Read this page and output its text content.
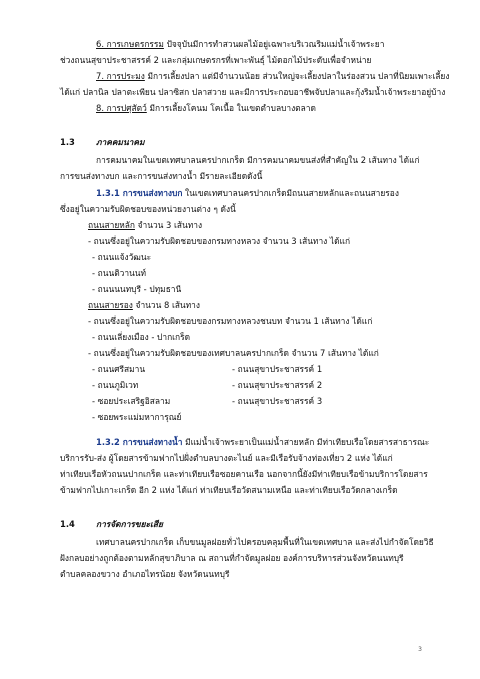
6. การเกษตรกรรม ปัจจุบันมีการทำสวนผลไม้อยู่เฉพาะบริเวณริมแม่น้ำเจ้าพระยา
ช่วงถนนสุขาประชาสรรค์ 2 และกลุ่มเกษตรกรที่เพาะพันธุ์ ไม้ดอกไม้ประดับเพื่อจำหน่าย
7. การประมง มีการเลี้ยงปลา แต่มีจำนวนน้อย ส่วนใหญ่จะเลี้ยงปลาในร่องสวน ปลาที่นิยมเพาะเลี้ยง
ได้แก่ ปลานิล ปลาตะเพียน ปลาซิสก ปลาสวาย และมีการประกอบอาชีพจับปลาและกุ้งริมน้ำเจ้าพระยาอยู่บ้าง
8. การปศุสัตว์ มีการเลี้ยงโคนม โคเนื้อ ในเขตตำบลบางตลาด
1.3	ภาคคมนาคม
การคมนาคมในเขตเทศบาลนครปากเกร็ด มีการคมนาคมขนส่งที่สำคัญใน 2 เส้นทาง ได้แก่
การขนส่งทางบก และการขนส่งทางน้ำ มีรายละเอียดดังนี้
1.3.1 การขนส่งทางบก ในเขตเทศบาลนครปากเกร็ดมีถนนสายหลักและถนนสายรอง
ซึ่งอยู่ในความรับผิดชอบของหน่วยงานต่าง ๆ ดังนี้
ถนนสายหลัก จำนวน 3 เส้นทาง
- ถนนซึ่งอยู่ในความรับผิดชอบของกรมทางหลวง จำนวน 3 เส้นทาง ได้แก่
- ถนนแจ้งวัฒนะ
- ถนนติวานนท์
- ถนนนนทบุรี - ปทุมธานี
ถนนสายรอง จำนวน 8 เส้นทาง
- ถนนซึ่งอยู่ในความรับผิดชอบของกรมทางหลวงชนบท จำนวน 1 เส้นทาง ได้แก่
- ถนนเลี่ยงเมือง - ปากเกร็ด
- ถนนซึ่งอยู่ในความรับผิดชอบของเทศบาลนครปากเกร็ด จำนวน 7 เส้นทาง ได้แก่
- ถนนศรีสมาน	- ถนนสุขาประชาสรรค์ 1
- ถนนภูมิเวท	- ถนนสุขาประชาสรรค์ 2
- ซอยประเสริฐอิสลาม	- ถนนสุขาประชาสรรค์ 3
- ซอยพระแม่มหาการุณย์
1.3.2 การขนส่งทางน้ำ มีแม่น้ำเจ้าพระยาเป็นแม่น้ำสายหลัก มีท่าเทียบเรือโดยสารสาธารณะ
บริการรับ-ส่ง ผู้โดยสารข้ามฟากไปฝั่งตำบลบางตะไนย์ และมีเรือรับจ้างท่องเที่ยว 2 แห่ง ได้แก่
ท่าเทียบเรือหัวถนนปากเกร็ด และท่าเทียบเรือซอยคานเรือ นอกจากนี้ยังมีท่าเทียบเรือข้ามบริการโดยสาร
ข้ามฟากไปเกาะเกร็ด อีก 2 แห่ง ได้แก่ ท่าเทียบเรือวัดสนามเหนือ และท่าเทียบเรือวัดกลางเกร็ด
1.4	การจัดการขยะเสีย
เทศบาลนครปากเกร็ด เก็บขนมูลฝอยทั่วไปครอบคลุมพื้นที่ในเขตเทศบาล และส่งไปกำจัดโดยวิธี
ฝังกลบอย่างถูกต้องตามหลักสุขาภิบาล ณ สถานที่กำจัดมูลฝอย องค์การบริหารส่วนจังหวัดนนทบุรี
ตำบลคลองขวาง อำเภอไทรน้อย จังหวัดนนทบุรี
3
